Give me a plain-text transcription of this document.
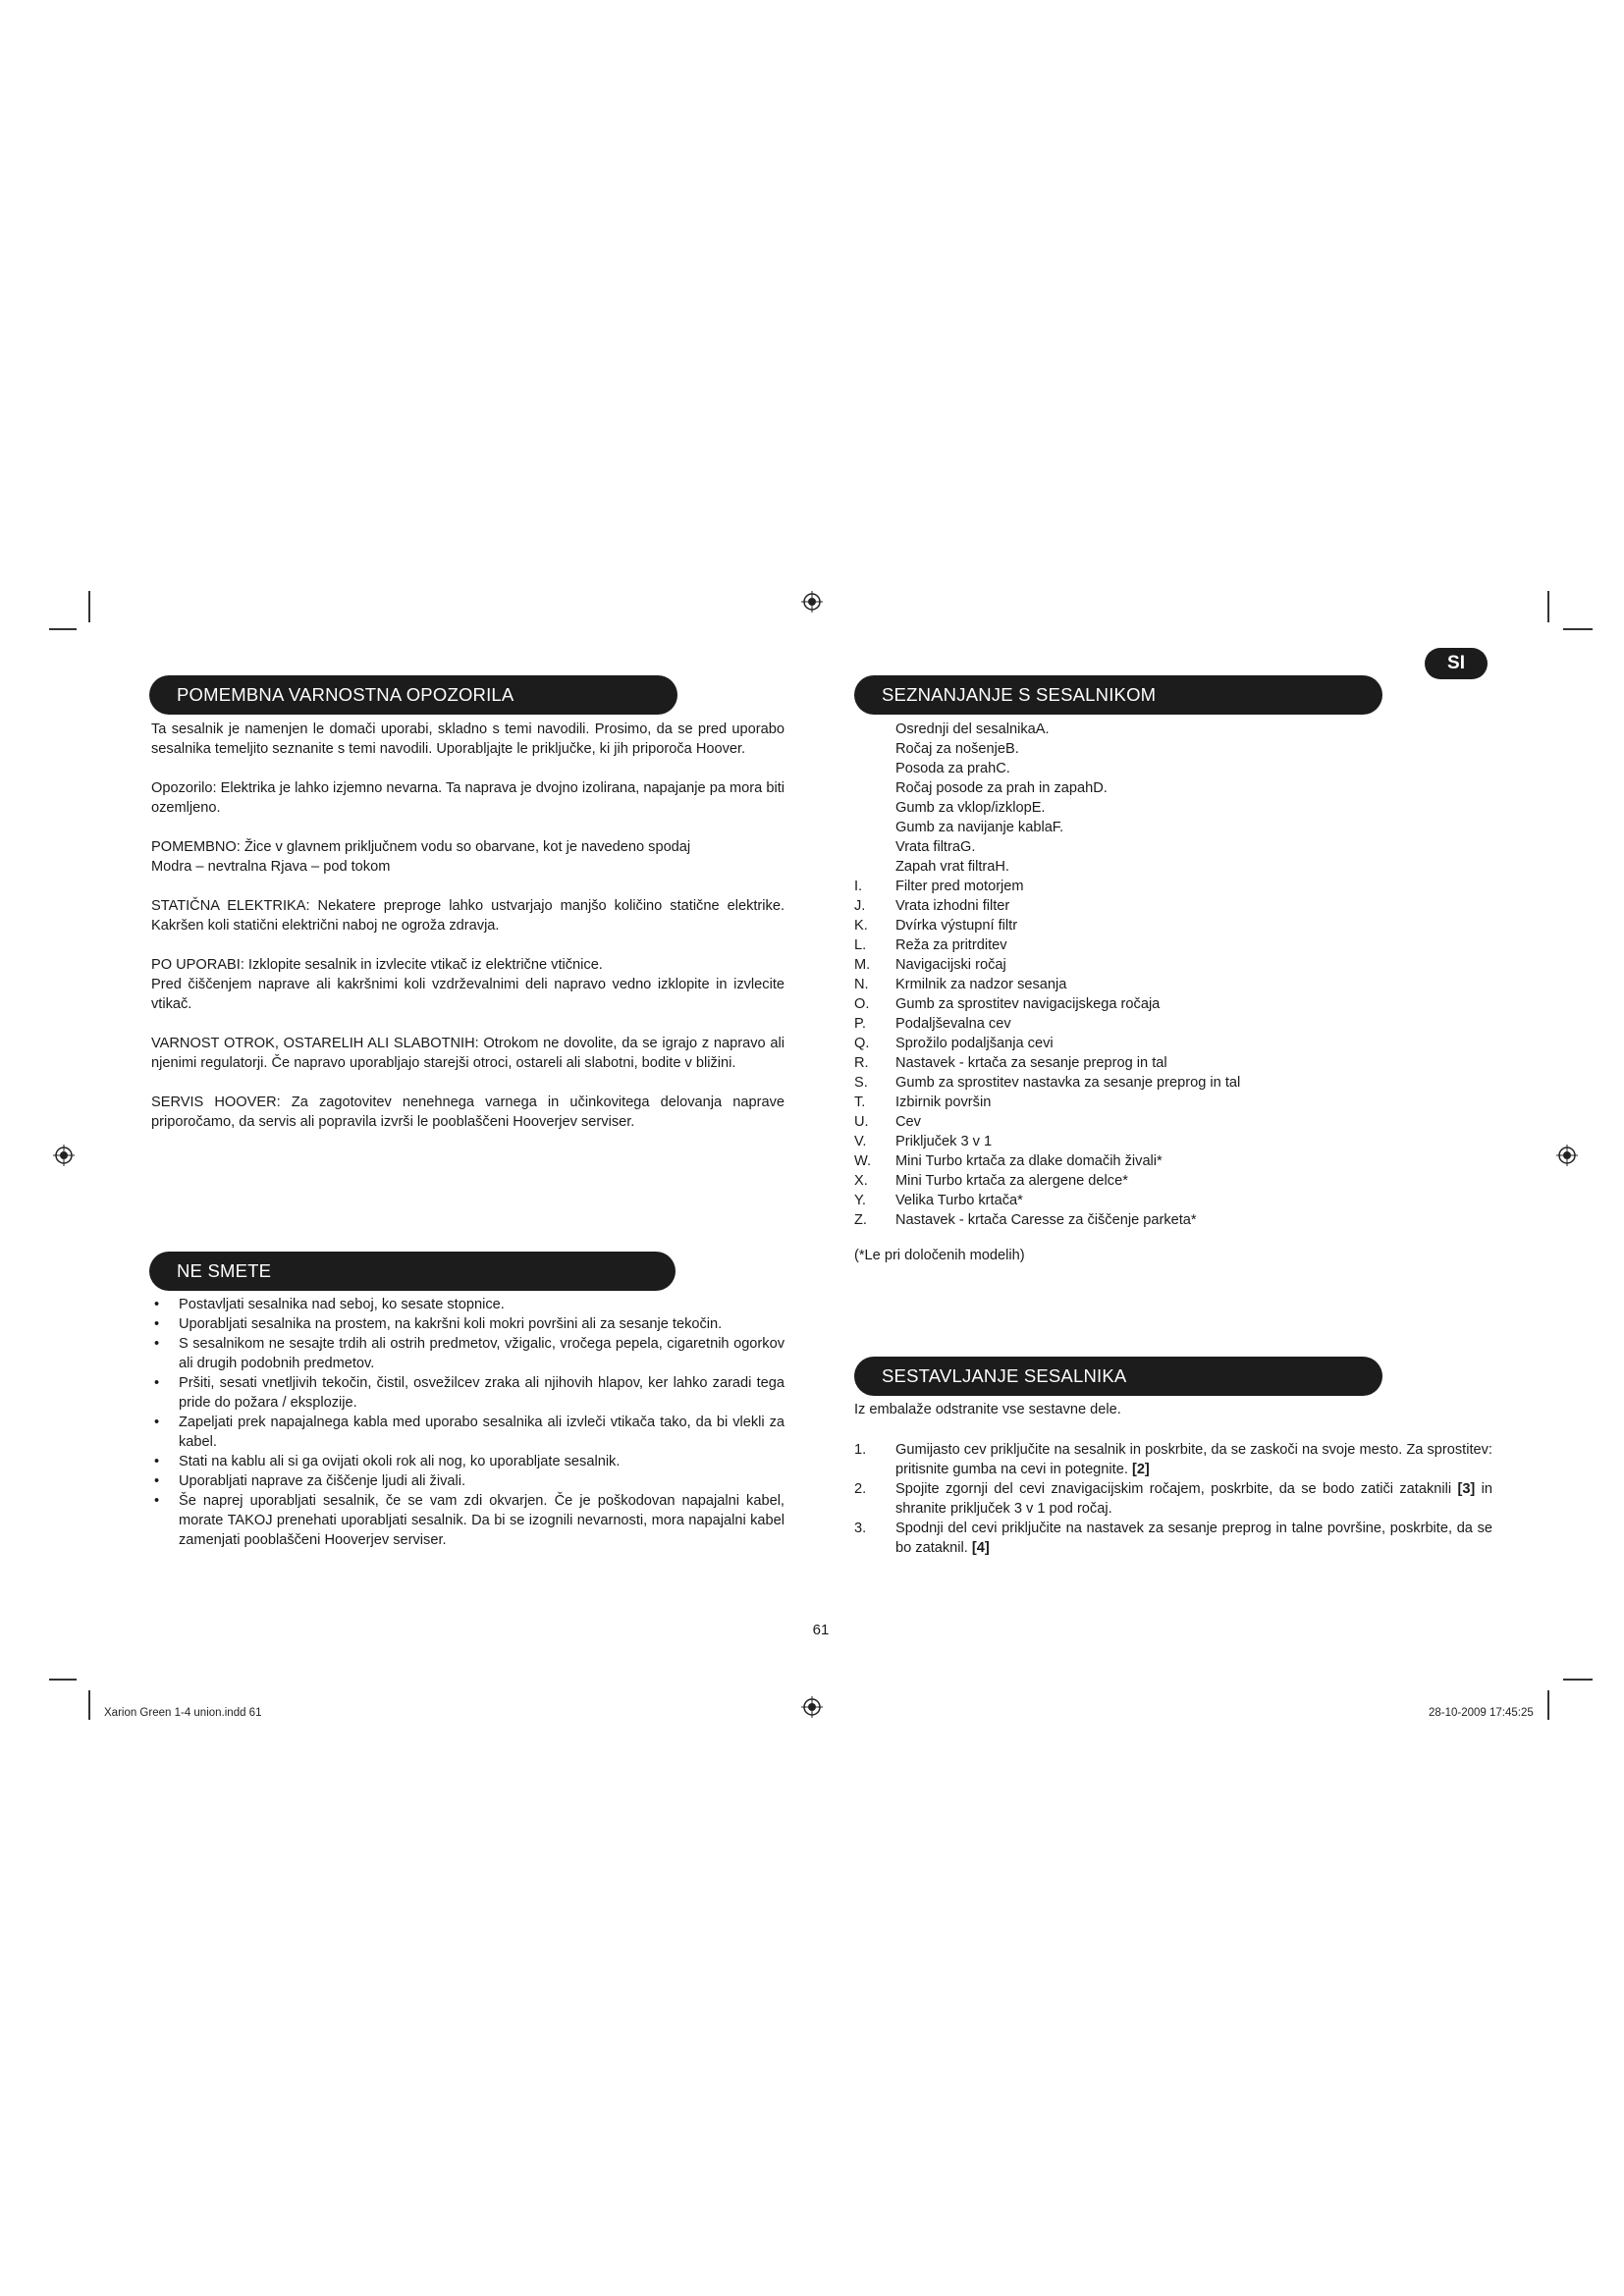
SI
POMEMBNA VARNOSTNA OPOZORILA

Ta sesalnik je namenjen le domači uporabi, skladno s temi navodili. Prosimo, da se pred uporabo sesalnika temeljito seznanite s temi navodili. Uporabljajte le priključke, ki jih priporoča Hoover.

Opozorilo: Elektrika je lahko izjemno nevarna. Ta naprava je dvojno izolirana, napajanje pa mora biti ozemljeno.

POMEMBNO: Žice v glavnem priključnem vodu so obarvane, kot je navedeno spodaj
Modra – nevtralna Rjava – pod tokom

STATIČNA ELEKTRIKA: Nekatere preproge lahko ustvarjajo manjšo količino statične elektrike. Kakršen koli statični električni naboj ne ogroža zdravja.

PO UPORABI: Izklopite sesalnik in izvlecite vtikač iz električne vtičnice.
Pred čiščenjem naprave ali kakršnimi koli vzdrževalnimi deli napravo vedno izklopite in izvlecite vtikač.

VARNOST OTROK, OSTARELIH ALI SLABOTNIH: Otrokom ne dovolite, da se igrajo z napravo ali njenimi regulatorji. Če napravo uporabljajo starejši otroci, ostareli ali slabotni, bodite v bližini.

SERVIS HOOVER: Za zagotovitev nenehnega varnega in učinkovitega delovanja naprave priporočamo, da servis ali popravila izvrši le pooblaščeni Hooverjev serviser.

NE SMETE
• Postavljati sesalnika nad seboj, ko sesate stopnice.
• Uporabljati sesalnika na prostem, na kakršni koli mokri površini ali za sesanje tekočin.
• S sesalnikom ne sesajte trdih ali ostrih predmetov, vžigalic, vročega pepela, cigaretnih ogorkov ali drugih podobnih predmetov.
• Pršiti, sesati vnetljivih tekočin, čistil, osvežilcev zraka ali njihovih hlapov, ker lahko zaradi tega pride do požara / eksplozije.
• Zapeljati prek napajalnega kabla med uporabo sesalnika ali izvleči vtikača tako, da bi vlekli za kabel.
• Stati na kablu ali si ga ovijati okoli rok ali nog, ko uporabljate sesalnik.
• Uporabljati naprave za čiščenje ljudi ali živali.
• Še naprej uporabljati sesalnik, če se vam zdi okvarjen. Če je poškodovan napajalni kabel, morate TAKOJ prenehati uporabljati sesalnik. Da bi se izognili nevarnosti, mora napajalni kabel zamenjati pooblaščeni Hooverjev serviser.
SEZNANJANJE S SESALNIKOM
Osrednji del sesalnikaA.
Ročaj za nošenjeB.
Posoda za prahC.
Ročaj posode za prah in zapahD.
Gumb za vklop/izklopE.
Gumb za navijanje kablaF.
Vrata filtraG.
Zapah vrat filtraH.
I. Filter pred motorjem
J. Vrata izhodni filter
K. Dvírka výstupní filtr
L. Reža za pritrditev
M. Navigacijski ročaj
N. Krmilnik za nadzor sesanja
O. Gumb za sprostitev navigacijskega ročaja
P. Podaljševalna cev
Q. Sprožilo podaljšanja cevi
R. Nastavek - krtača za sesanje preprog in tal
S. Gumb za sprostitev nastavka za sesanje preprog in tal
T. Izbirnik površin
U. Cev
V. Priključek 3 v 1
W. Mini Turbo krtača za dlake domačih živali*
X. Mini Turbo krtača za alergene delce*
Y. Velika Turbo krtača*
Z. Nastavek - krtača Caresse za čiščenje parketa*
(*Le pri določenih modelih)
SESTAVLJANJE SESALNIKA
Iz embalaže odstranite vse sestavne dele.
1. Gumijasto cev priključite na sesalnik in poskrbite, da se zaskoči na svoje mesto. Za sprostitev: pritisnite gumba na cevi in potegnite. [2]
2. Spojite zgornji del cevi znavigacijskim ročajem, poskrbite, da se bodo zatiči zataknili [3] in shranite priključek 3 v 1 pod ročaj.
3. Spodnji del cevi priključite na nastavek za sesanje preprog in talne površine, poskrbite, da se bo zataknil. [4]
61
Xarion Green 1-4 union.indd 61	28-10-2009 17:45:25
